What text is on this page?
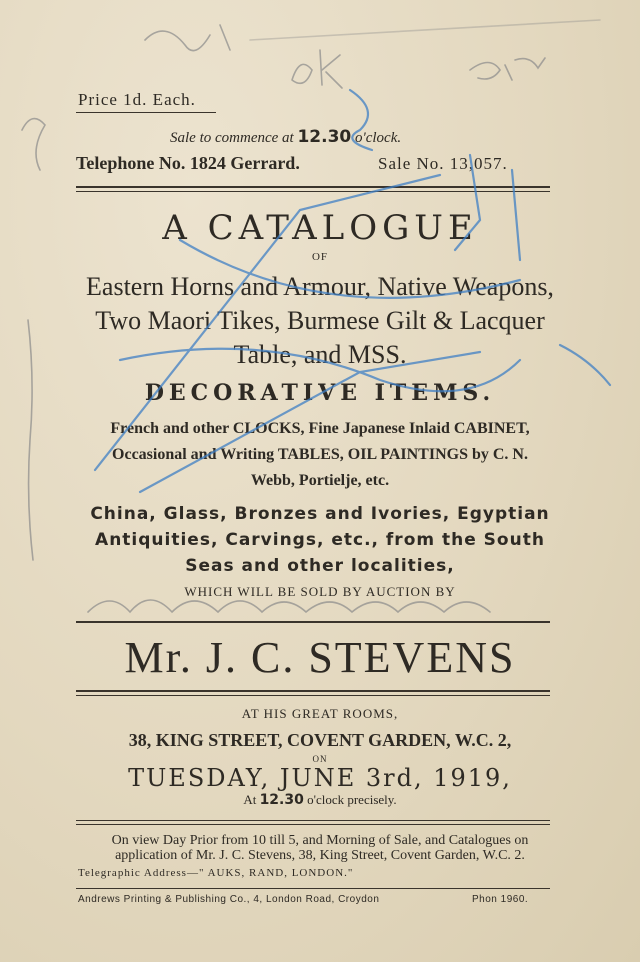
Price 1d. Each.
Sale to commence at 12.30 o'clock.
Telephone No. 1824 Gerrard.	Sale No. 13,057.
A CATALOGUE
OF
Eastern Horns and Armour, Native Weapons,
Two Maori Tikes, Burmese Gilt & Lacquer
Table, and MSS.
DECORATIVE ITEMS.
French and other CLOCKS, Fine Japanese Inlaid CABINET,
Occasional and Writing TABLES, OIL PAINTINGS by C. N.
Webb, Portielje, etc.
China, Glass, Bronzes and Ivories, Egyptian
Antiquities, Carvings, etc., from the South
Seas and other localities,
WHICH WILL BE SOLD BY AUCTION BY
Mr. J. C. STEVENS
AT HIS GREAT ROOMS,
38, KING STREET, COVENT GARDEN, W.C. 2,
ON
TUESDAY, JUNE 3rd, 1919,
At 12.30 o'clock precisely.
On view Day Prior from 10 till 5, and Morning of Sale, and Catalogues on
application of Mr. J. C. Stevens, 38, King Street, Covent Garden, W.C. 2.
Telegraphic Address—" AUKS, RAND, LONDON."
Andrews Printing & Publishing Co., 4, London Road, Croydon	Phon 1960.
